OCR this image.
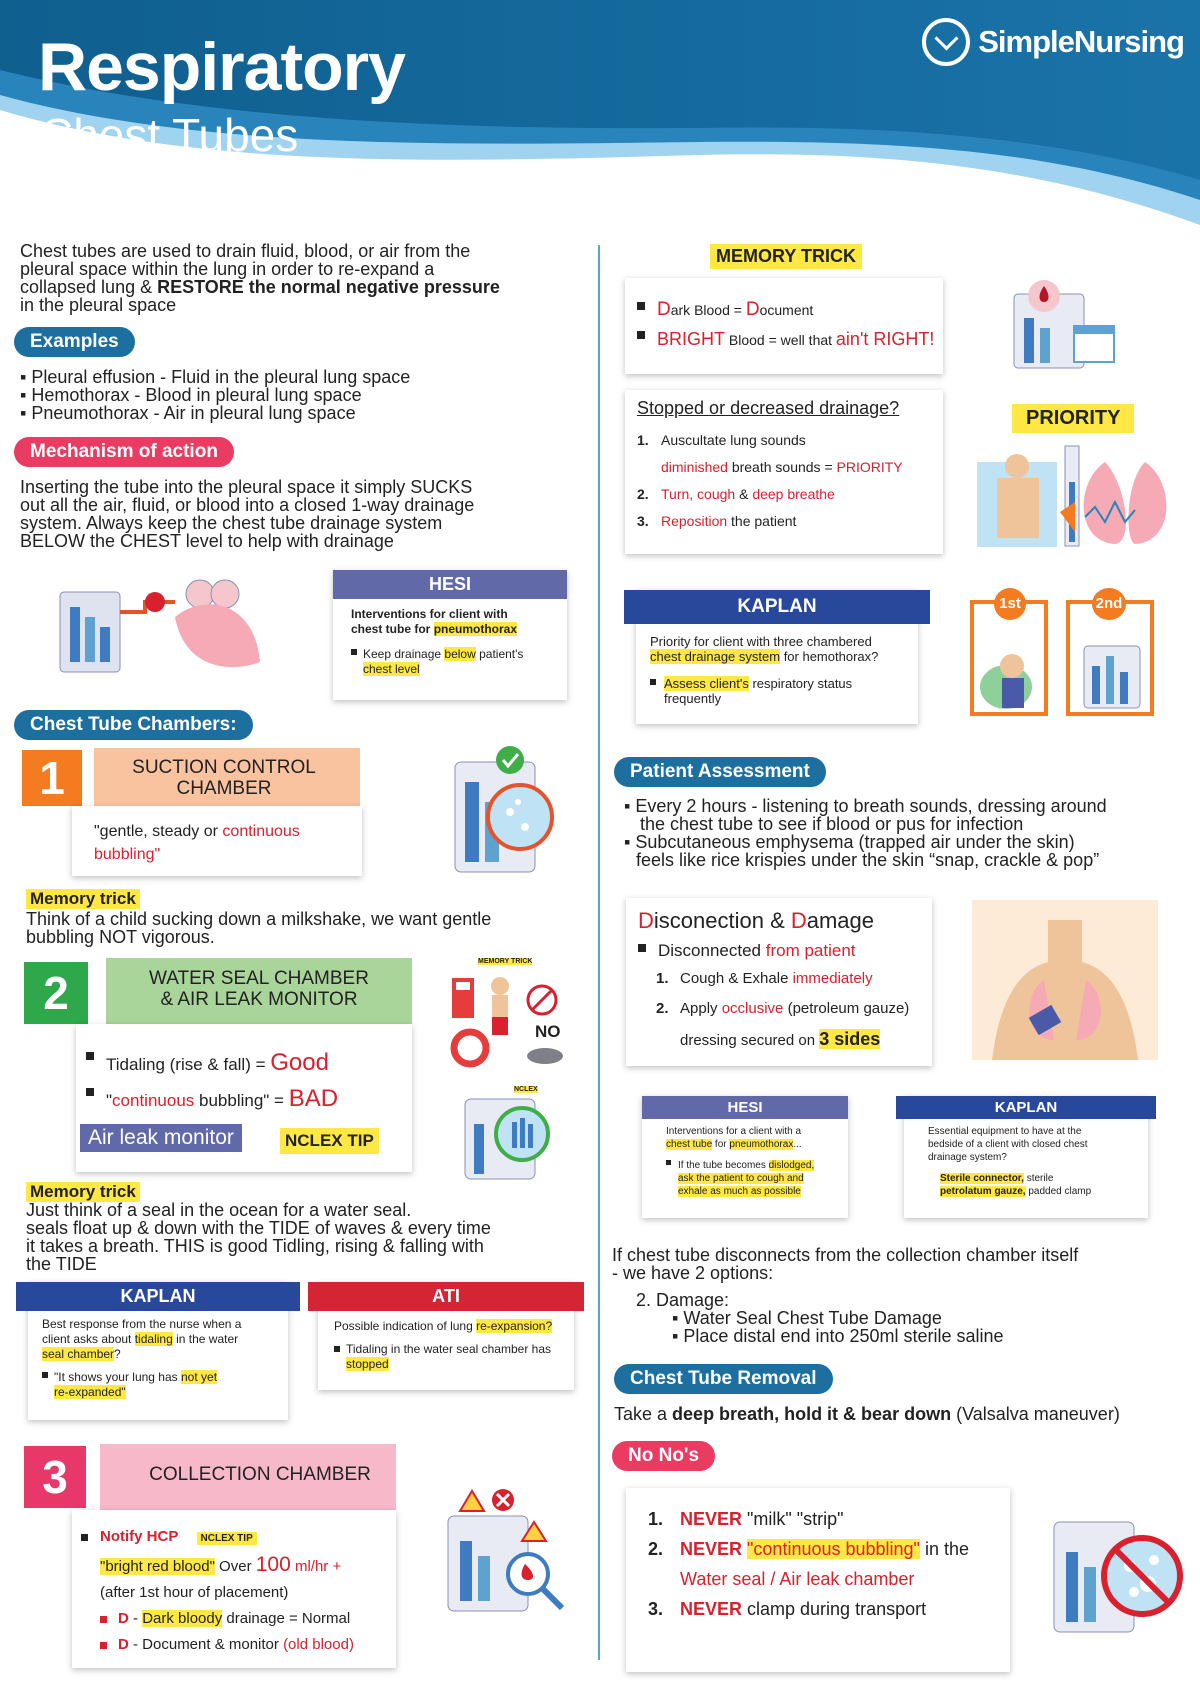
Respiratory
Chest Tubes
SimpleNursing
Chest tubes are used to drain fluid, blood, or air from the
pleural space within the lung in order to re-expand a
collapsed lung & RESTORE the normal negative pressure
in the pleural space
Examples
▪ Pleural effusion - Fluid in the pleural lung space
▪ Hemothorax - Blood in pleural lung space
▪ Pneumothorax - Air in pleural lung space
Mechanism of action
Inserting the tube into the pleural space it simply SUCKS
out all the air, fluid, or blood into a closed 1-way drainage
system. Always keep the chest tube drainage system
BELOW the CHEST level to help with drainage
HESI
Interventions for client with
chest tube for pneumothorax
Keep drainage below patient's
chest level
Chest Tube Chambers:
1	SUCTION CONTROL
CHAMBER
"gentle, steady or continuous
bubbling"
Memory trick
Think of a child sucking down a milkshake, we want gentle
bubbling NOT vigorous.
2	WATER SEAL CHAMBER
& AIR LEAK MONITOR
Tidaling (rise & fall) = Good
"continuous bubbling" = BAD
Air leak monitor	NCLEX TIP
MEMORY TRICK
NO
NCLEX
Memory trick
Just think of a seal in the ocean for a water seal.
seals float up & down with the TIDE of waves & every time
it takes a breath. THIS is good Tidling, rising & falling with
the TIDE
KAPLAN
Best response from the nurse when a
client asks about tidaling in the water
seal chamber?
"It shows your lung has not yet
re-expanded"
ATI
Possible indication of lung re-expansion?
Tidaling in the water seal chamber has
stopped
3	COLLECTION CHAMBER
Notify HCP NCLEX TIP
"bright red blood" Over 100 ml/hr +
(after 1st hour of placement)
D - Dark bloody drainage = Normal
D - Document & monitor (old blood)
MEMORY TRICK
Dark Blood = Document
BRIGHT Blood = well that ain't RIGHT!
Stopped or decreased drainage?
1. Auscultate lung sounds
diminished breath sounds = PRIORITY
2. Turn, cough & deep breathe
3. Reposition the patient
PRIORITY
KAPLAN
Priority for client with three chambered
chest drainage system for hemothorax?
Assess client's respiratory status
frequently
1st	2nd
Patient Assessment
▪ Every 2 hours - listening to breath sounds, dressing around
the chest tube to see if blood or pus for infection
▪ Subcutaneous emphysema (trapped air under the skin)
feels like rice krispies under the skin “snap, crackle & pop”
Disconection & Damage
Disconnected from patient
1. Cough & Exhale immediately
2. Apply occlusive (petroleum gauze)
dressing secured on 3 sides
HESI
Interventions for a client with a
chest tube for pneumothorax...
If the tube becomes dislodged,
ask the patient to cough and
exhale as much as possible
KAPLAN
Essential equipment to have at the
bedside of a client with closed chest
drainage system?
Sterile connector, sterile
petrolatum gauze, padded clamp
If chest tube disconnects from the collection chamber itself
- we have 2 options:
2. Damage:
▪ Water Seal Chest Tube Damage
▪ Place distal end into 250ml sterile saline
Chest Tube Removal
Take a deep breath, hold it & bear down (Valsalva maneuver)
No No's
1. NEVER "milk" "strip"
2. NEVER "continuous bubbling" in the
Water seal / Air leak chamber
3. NEVER clamp during transport
